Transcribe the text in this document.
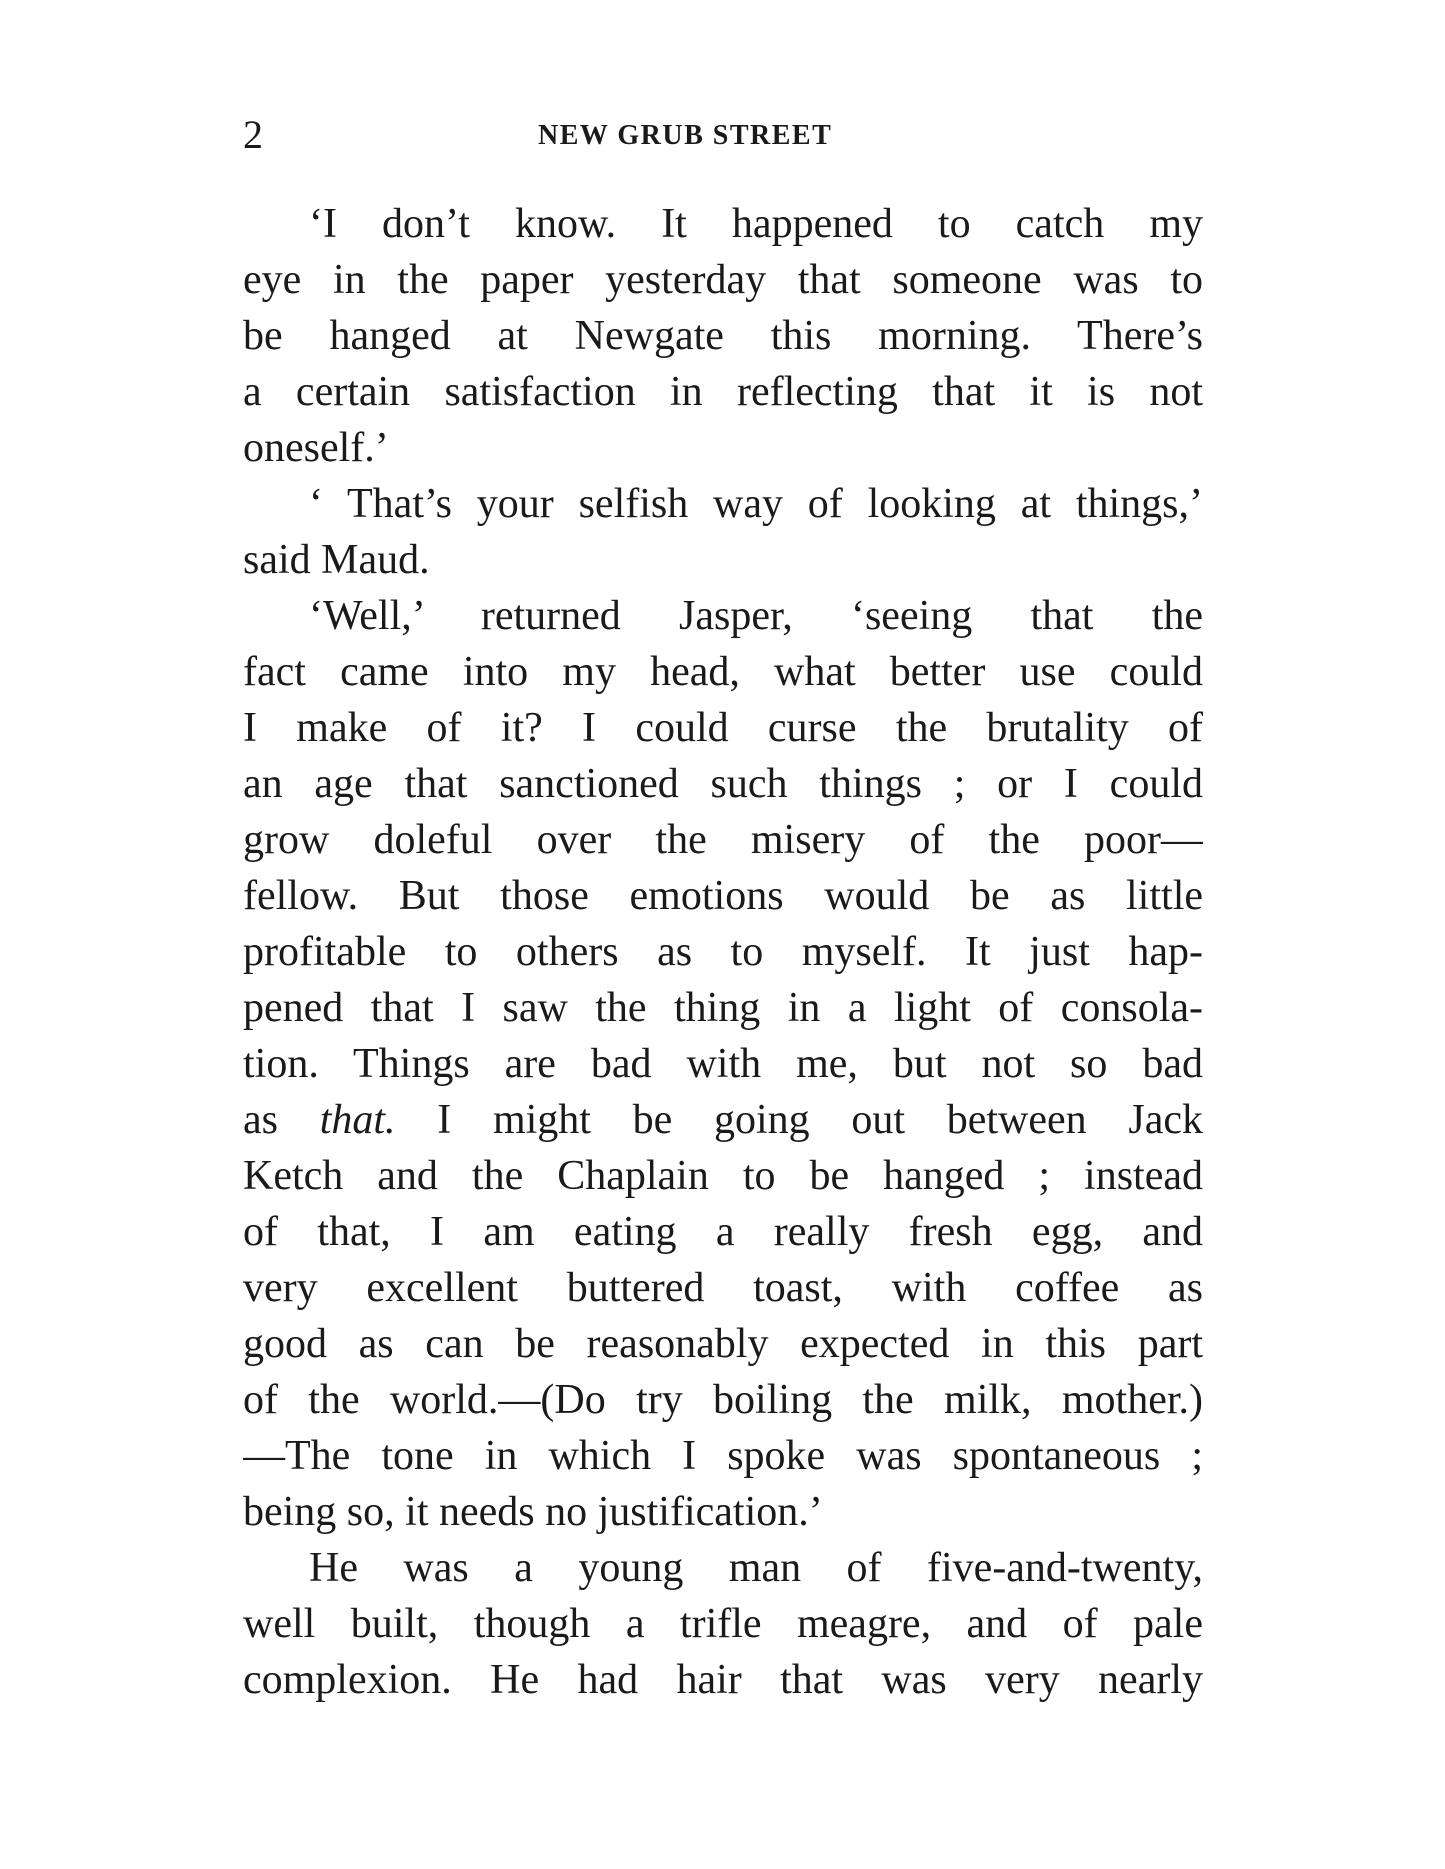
2	NEW GRUB STREET

‘I don’t know. It happened to catch my
eye in the paper yesterday that someone was to
be hanged at Newgate this morning. There’s
a certain satisfaction in reflecting that it is not
oneself.’

‘ That’s your selfish way of looking at things,’
said Maud.

‘Well,’ returned Jasper, ‘seeing that the
fact came into my head, what better use could
I make of it? I could curse the brutality of
an age that sanctioned such things ; or I could
grow doleful over the misery of the poor—
fellow. But those emotions would be as little
profitable to others as to myself. It just hap-
pened that I saw the thing in a light of consola-
tion. Things are bad with me, but not so bad
as that. I might be going out between Jack
Ketch and the Chaplain to be hanged ; instead
of that, I am eating a really fresh egg, and
very excellent buttered toast, with coffee as
good as can be reasonably expected in this part
of the world.—(Do try boiling the milk, mother.)
—The tone in which I spoke was spontaneous ;
being so, it needs no justification.’

He was a young man of five-and-twenty,
well built, though a trifle meagre, and of pale
complexion. He had hair that was very nearly
